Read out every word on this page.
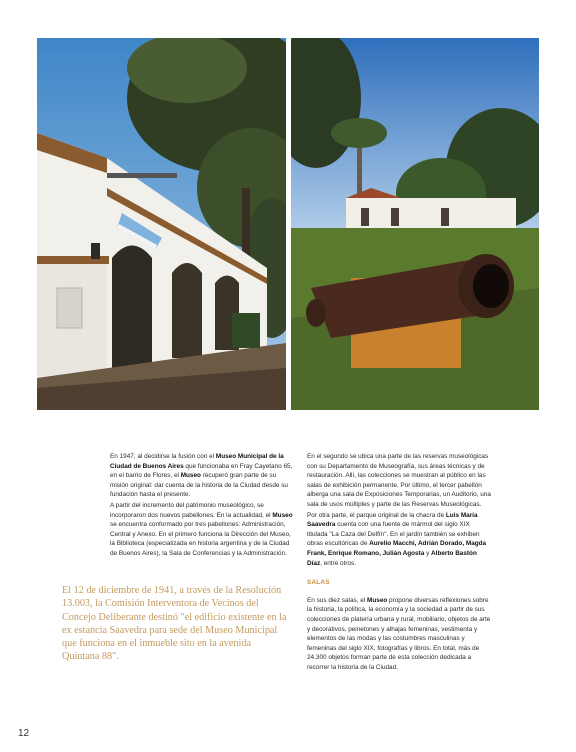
En 1947, al decidirse la fusión con el Museo Municipal de la Ciudad de Buenos Aires que funcionaba en Fray Cayetano 65, en el barrio de Flores, el Museo recuperó gran parte de su misión original: dar cuenta de la historia de la Ciudad desde su fundación hasta el presente.

A partir del incremento del patrimonio museológico, se incorporaron dos nuevos pabellones. En la actualidad, el Museo se encuentra conformado por tres pabellones: Administración, Central y Anexo. En el primero funciona la Dirección del Museo, la Biblioteca (especializada en historia argentina y de la Ciudad de Buenos Aires), la Sala de Conferencias y la Administración.

El 12 de diciembre de 1941, a través de la Resolución 13.003, la Comisión Interventora de Vecinos del Concejo Deliberante destinó "el edificio existente en la ex estancia Saavedra para sede del Museo Municipal que funciona en el inmueble sito en la avenida Quintana 88".

En el segundo se ubica una parte de las reservas museológicas con su Departamento de Museografía, sus áreas técnicas y de restauración. Allí, las colecciones se muestran al público en las salas de exhibición permanente. Por último, el tercer pabellón alberga una sala de Exposiciones Temporarias, un Auditorio, una sala de usos múltiples y parte de las Reservas Museológicas.

Por otra parte, el parque original de la chacra de Luis María Saavedra cuenta con una fuente de mármol del siglo XIX titulada "La Caza del Delfín". En el jardín también se exhiben obras escultóricas de Aurelio Macchi, Adrián Dorado, Magda Frank, Enrique Romano, Julián Agosta y Alberto Bastón Díaz, entre otros.

SALAS

En sus diez salas, el Museo propone diversas reflexiones sobre la historia, la política, la economía y la sociedad a partir de sus colecciones de platería urbana y rural, mobiliario, objetos de arte y decorativos, peinetones y alhajas femeninas, vestimenta y elementos de las modas y las costumbres masculinas y femeninas del siglo XIX, fotografías y libros. En total, más de 24.300 objetos forman parte de esta colección dedicada a recorrer la historia de la Ciudad.

12
